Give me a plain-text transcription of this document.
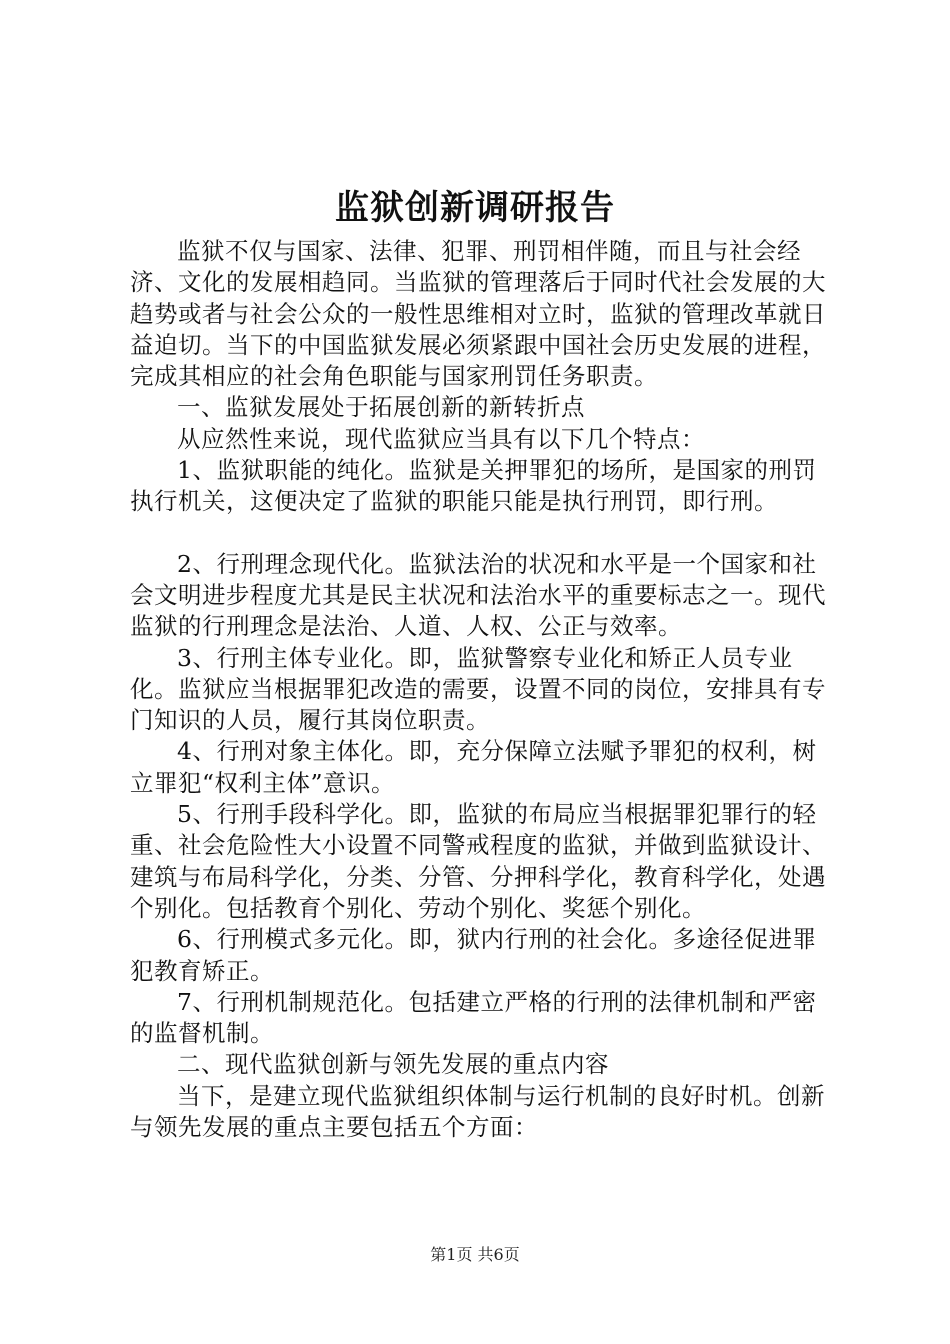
监狱创新调研报告

监狱不仅与国家、法律、犯罪、刑罚相伴随，而且与社会经济、文化的发展相趋同。当监狱的管理落后于同时代社会发展的大趋势或者与社会公众的一般性思维相对立时，监狱的管理改革就日益迫切。当下的中国监狱发展必须紧跟中国社会历史发展的进程，完成其相应的社会角色职能与国家刑罚任务职责。

一、监狱发展处于拓展创新的新转折点

从应然性来说，现代监狱应当具有以下几个特点：

1、监狱职能的纯化。监狱是关押罪犯的场所，是国家的刑罚执行机关，这便决定了监狱的职能只能是执行刑罚，即行刑。

2、行刑理念现代化。监狱法治的状况和水平是一个国家和社会文明进步程度尤其是民主状况和法治水平的重要标志之一。现代监狱的行刑理念是法治、人道、人权、公正与效率。

3、行刑主体专业化。即，监狱警察专业化和矫正人员专业化。监狱应当根据罪犯改造的需要，设置不同的岗位，安排具有专门知识的人员，履行其岗位职责。

4、行刑对象主体化。即，充分保障立法赋予罪犯的权利，树立罪犯“权利主体”意识。

5、行刑手段科学化。即，监狱的布局应当根据罪犯罪行的轻重、社会危险性大小设置不同警戒程度的监狱，并做到监狱设计、建筑与布局科学化，分类、分管、分押科学化，教育科学化，处遇个别化。包括教育个别化、劳动个别化、奖惩个别化。

6、行刑模式多元化。即，狱内行刑的社会化。多途径促进罪犯教育矫正。

7、行刑机制规范化。包括建立严格的行刑的法律机制和严密的监督机制。

二、现代监狱创新与领先发展的重点内容

当下，是建立现代监狱组织体制与运行机制的良好时机。创新与领先发展的重点主要包括五个方面：

第1页 共6页
